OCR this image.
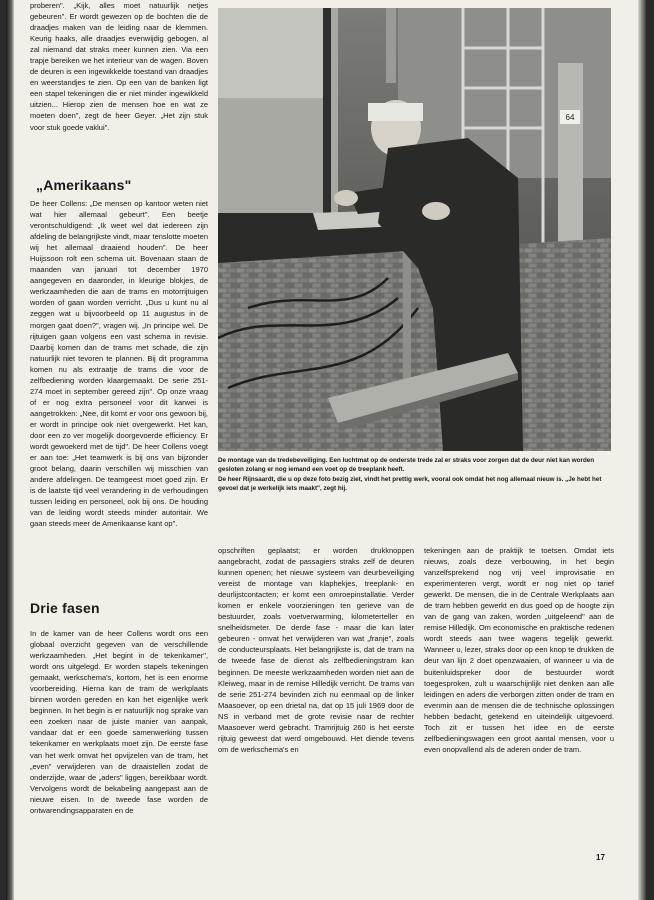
proberen". „Kijk, alles moet natuurlijk netjes gebeuren". Er wordt gewezen op de bochten die de draadjes maken van de leiding naar de klemmen. Keurig haaks, alle draadjes evenwijdig gebogen, al zal niemand dat straks meer kunnen zien. Via een trapje bereiken we het interieur van de wagen. Boven de deuren is een ingewikkelde toestand van draadjes en weerstandjes te zien. Op een van de banken ligt een stapel tekeningen die er niet minder ingewikkeld uitzien... Hierop zien de mensen hoe en wat ze moeten doen", zegt de heer Geyer. „Het zijn stuk voor stuk goede vaklui".

„Amerikaans"

De heer Collens: „De mensen op kantoor weten niet wat hier allemaal gebeurt". Een beetje verontschuldigend: „Ik weet wel dat iedereen zijn afdeling de belangrijkste vindt, maar tenslotte moeten wij het allemaal draaiend houden". De heer Huijssoon rolt een schema uit. Bovenaan staan de maanden van januari tot december 1970 aangegeven en daaronder, in kleurige blokjes, de werkzaamheden die aan de trams en motorrijtuigen worden of gaan worden verricht. „Dus u kunt nu al zeggen wat u bijvoorbeeld op 11 augustus in de morgen gaat doen?", vragen wij. „In principe wel. De rijtuigen gaan volgens een vast schema in revisie. Daarbij komen dan de trams met schade, die zijn natuurlijk niet tevoren te plannen. Bij dit programma komen nu als extraatje de trams die voor de zelfbediening worden klaargemaakt. De serie 251-274 moet in september gereed zijn". Op onze vraag of er nog extra personeel voor dit karwei is aangetrokken: „Nee, dit komt er voor ons gewoon bij, er wordt in principe ook niet overgewerkt. Het kan, door een zo ver mogelijk doorgevoerde efficiency. Er wordt gewoekerd met de tijd". De heer Collens voegt er aan toe: „Het teamwerk is bij ons van bijzonder groot belang, daarin verschillen wij misschien van andere afdelingen. De teamgeest moet goed zijn. Er is de laatste tijd veel verandering in de verhoudingen tussen leiding en personeel, ook bij ons. De houding van de leiding wordt steeds minder autoritair. We gaan steeds meer de Amerikaanse kant op".

Drie fasen

In de kamer van de heer Collens wordt ons een globaal overzicht gegeven van de verschillende werkzaamheden. „Het begint in de tekenkamer", wordt ons uitgelegd. Er worden stapels tekeningen gemaakt, werkschema's, kortom, het is een enorme voorbereiding. Hierna kan de tram de werkplaats binnen worden gereden en kan het eigenlijke werk beginnen. In het begin is er natuurlijk nog sprake van een zoeken naar de juiste manier van aanpak, vandaar dat er een goede samenwerking tussen tekenkamer en werkplaats moet zijn. De eerste fase van het werk omvat het opvijzelen van de tram, het „even" verwijderen van de draaistellen zodat de onderzijde, waar de „aders" liggen, bereikbaar wordt. Vervolgens wordt de bekabeling aangepast aan de nieuwe eisen. In de tweede fase worden de ontwarendingsapparaten en de

64

De montage van de tredebeveiliging. Een luchtmat op de onderste trede zal er straks voor zorgen dat de deur niet kan worden gesloten zolang er nog iemand een voet op de treeplank heeft.

De heer Rijnsaardt, die u op deze foto bezig ziet, vindt het prettig werk, vooral ook omdat het nog allemaal nieuw is. „Je hebt het gevoel dat je werkelijk iets maakt", zegt hij.

opschriften geplaatst; er worden drukknoppen aangebracht, zodat de passagiers straks zelf de deuren kunnen openen; het nieuwe systeem van deurbeveiliging vereist de montage van klaphekjes, treeplank- en deurlijstcontacten; er komt een omroepinstallatie. Verder komen er enkele voorzieningen ten gerieve van de bestuurder, zoals voetverwarming, kilometerteller en snelheidsmeter. De derde fase - maar die kan later gebeuren - omvat het verwijderen van wat „franje", zoals de conducteursplaats. Het belangrijkste is, dat de tram na de tweede fase de dienst als zelfbedieningstram kan beginnen. De meeste werkzaamheden worden niet aan de Kleiweg, maar in de remise Hilledijk verricht. De trams van de serie 251-274 bevinden zich nu eenmaal op de linker Maasoever, op een drietal na, dat op 15 juli 1969 door de NS in verband met de grote revisie naar de rechter Maasoever werd gebracht. Tramrijtuig 260 is het eerste rijtuig geweest dat werd omgebouwd. Het diende tevens om de werkschema's en

tekeningen aan de praktijk te toetsen. Omdat iets nieuws, zoals deze verbouwing, in het begin vanzelfsprekend nog vrij veel improvisatie en experimenteren vergt, wordt er nog niet op tarief gewerkt. De mensen, die in de Centrale Werkplaats aan de tram hebben gewerkt en dus goed op de hoogte zijn van de gang van zaken, worden „uitgeleend" aan de remise Hilledijk. Om economische en praktische redenen wordt steeds aan twee wagens tegelijk gewerkt. Wanneer u, lezer, straks door op een knop te drukken de deur van lijn 2 doet openzwaaien, of wanneer u via de buitenluidspreker door de bestuurder wordt toegesproken, zult u waarschijnlijk niet denken aan alle leidingen en aders die verborgen zitten onder de tram en evenmin aan de mensen die de technische oplossingen hebben bedacht, getekend en uiteindelijk uitgevoerd. Toch zit er tussen het idee en de eerste zelfbedieningswagen een groot aantal mensen, voor u even onopvallend als de aderen onder de tram.

17
